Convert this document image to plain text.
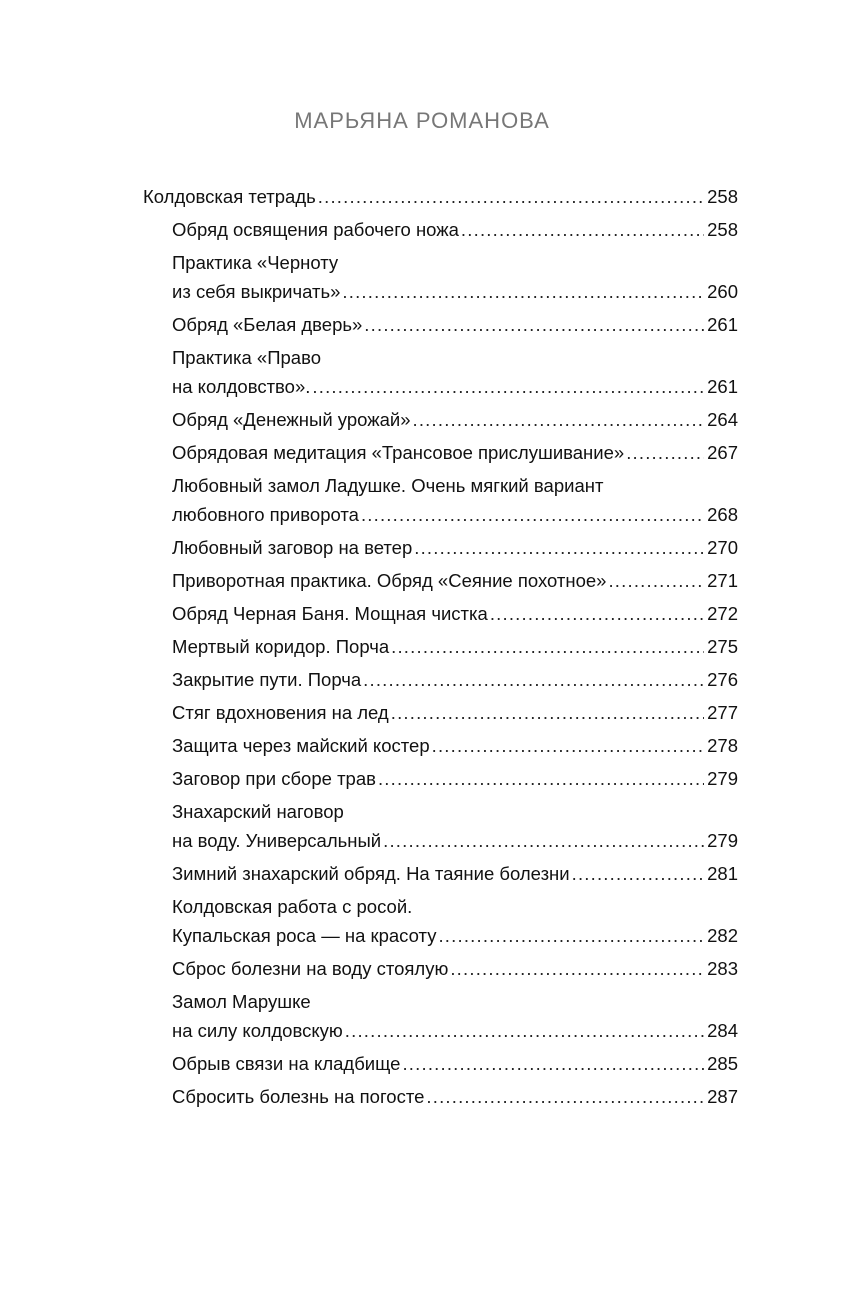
МАРЬЯНА РОМАНОВА
Колдовская тетрадь .....	258
Обряд освящения рабочего ножа .....	258
Практика «Черноту
из себя выкричать» .....	260
Обряд «Белая дверь» .....	261
Практика «Право
на колдовство». .....	261
Обряд «Денежный урожай» .....	264
Обрядовая медитация «Трансовое прислушивание» .....	267
Любовный замол Ладушке. Очень мягкий вариант
любовного приворота .....	268
Любовный заговор на ветер .....	270
Приворотная практика. Обряд «Сеяние похотное» .....	271
Обряд Черная Баня. Мощная чистка .....	272
Мертвый коридор. Порча .....	275
Закрытие пути. Порча .....	276
Стяг вдохновения на лед .....	277
Защита через майский костер .....	278
Заговор при сборе трав .....	279
Знахарский наговор
на воду. Универсальный .....	279
Зимний знахарский обряд. На таяние болезни .....	281
Колдовская работа с росой.
Купальская роса — на красоту .....	282
Сброс болезни на воду стоялую .....	283
Замол Марушке
на силу колдовскую .....	284
Обрыв связи на кладбище .....	285
Сбросить болезнь на погосте .....	287
